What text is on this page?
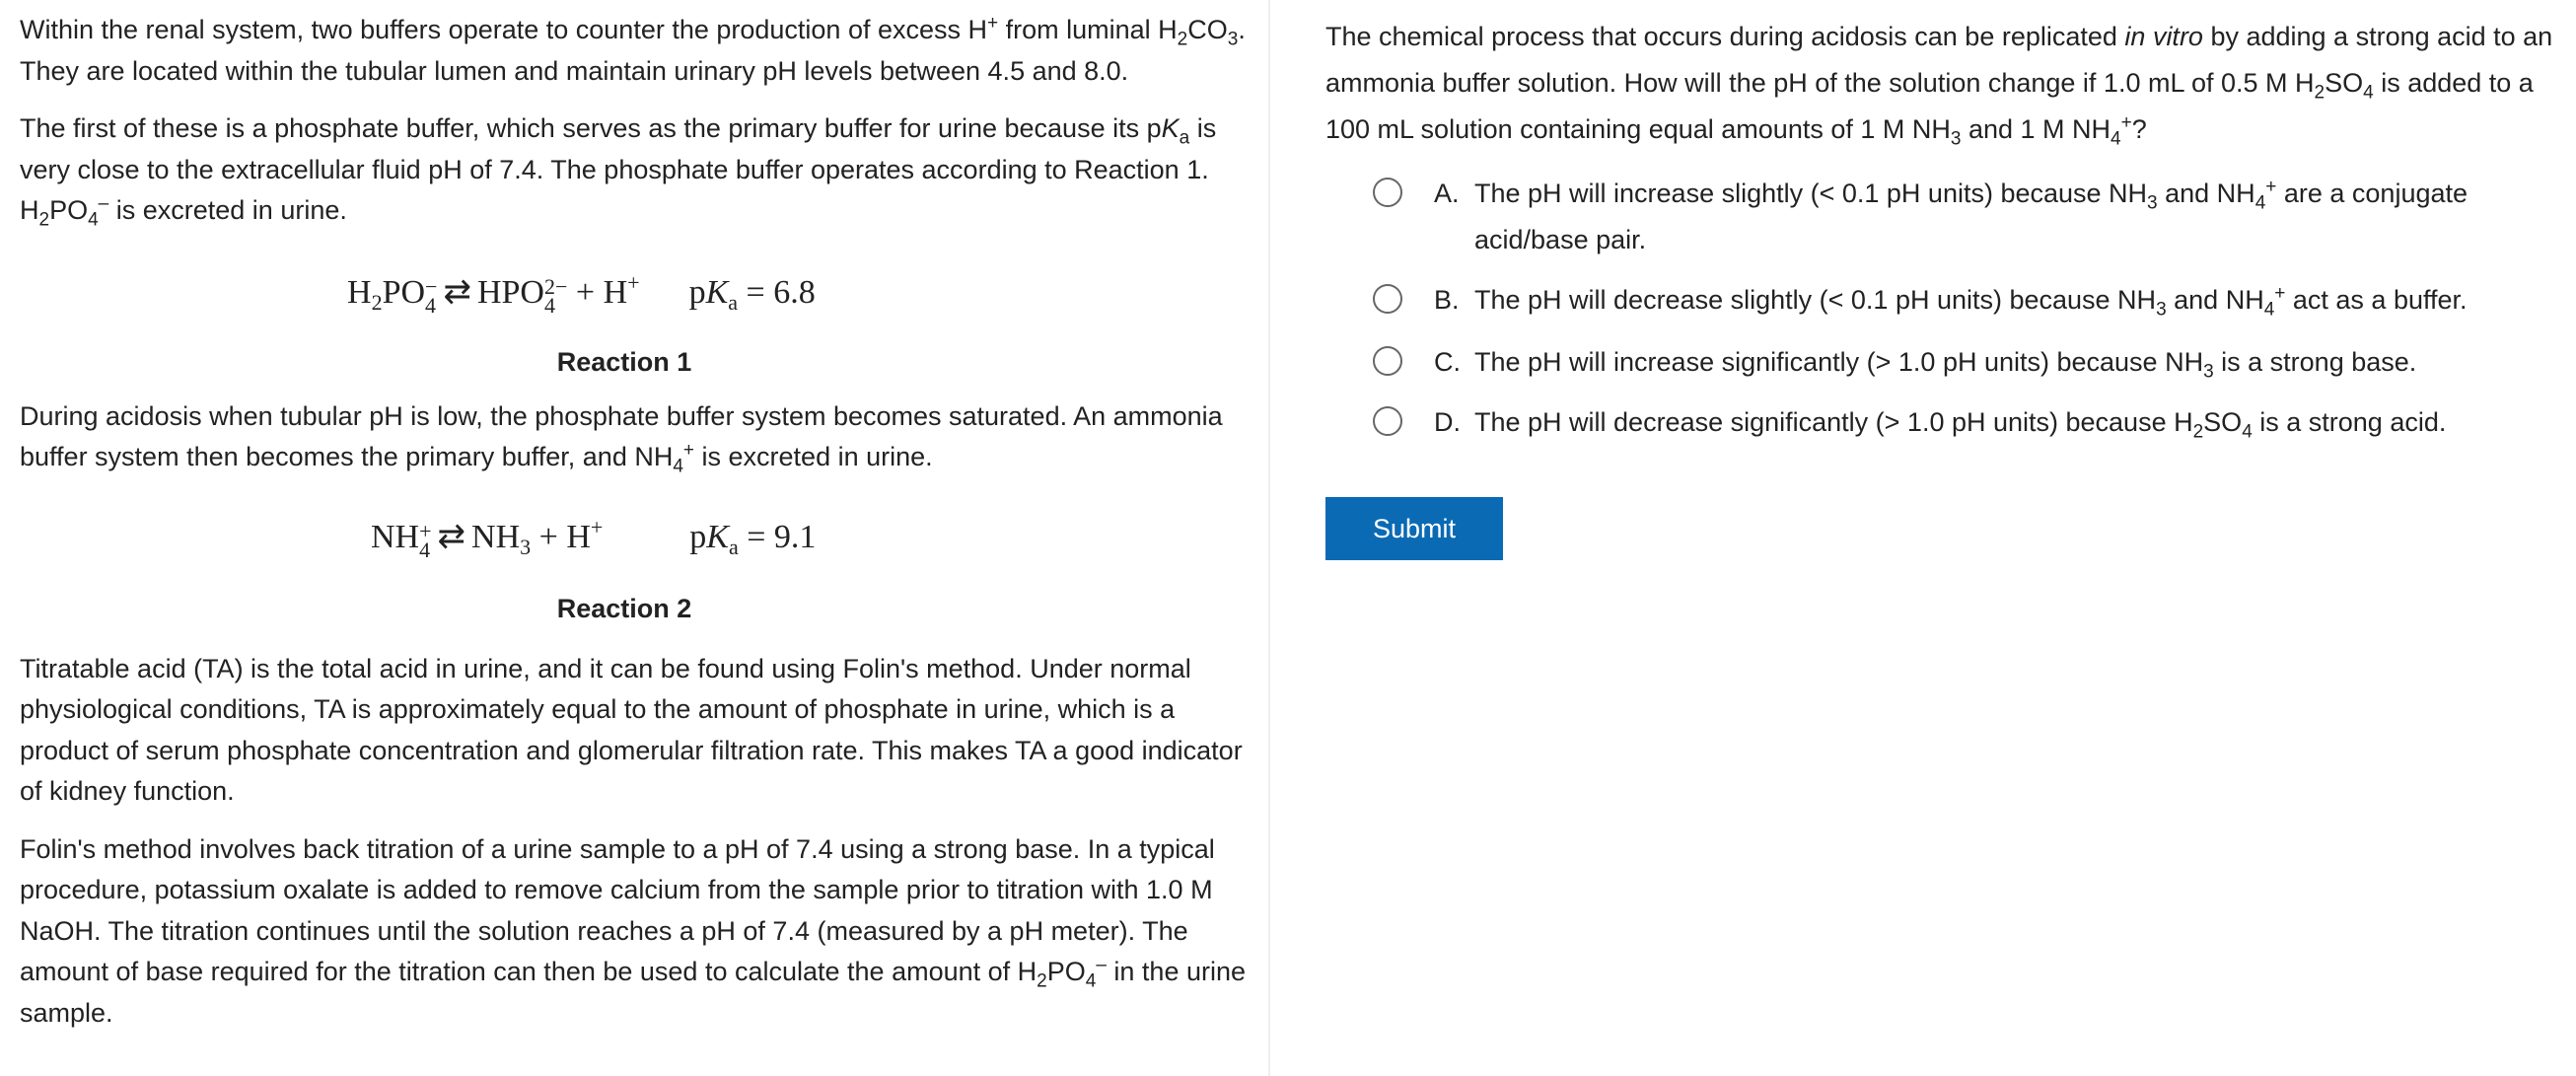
Within the renal system, two buffers operate to counter the production of excess H+ from luminal $H_2CO_3$. They are located within the tubular lumen and maintain urinary pH levels between 4.5 and 8.0.

The first of these is a phosphate buffer, which serves as the primary buffer for urine because its $pK_a$ is very close to the extracellular fluid pH of 7.4. The phosphate buffer operates according to Reaction 1. $H_2PO_4^-$ is excreted in urine.

$H_2PO$ −
4 ⇄ HPO 2−
4 + H+ $pK_a = 6.8$
Reaction 1

During acidosis when tubular pH is low, the phosphate buffer system becomes saturated. An ammonia buffer system then becomes the primary buffer, and $NH_4^+$ is excreted in urine.

NH +
4 ⇄ $NH_3 + H^+$	$pK_a = 9.1$
Reaction 2

Titratable acid (TA) is the total acid in urine, and it can be found using Folin's method. Under normal physiological conditions, TA is approximately equal to the amount of phosphate in urine, which is a product of serum phosphate concentration and glomerular filtration rate. This makes TA a good indicator of kidney function.

Folin's method involves back titration of a urine sample to a pH of 7.4 using a strong base. In a typical procedure, potassium oxalate is added to remove calcium from the sample prior to titration with 1.0 M NaOH. The titration continues until the solution reaches a pH of 7.4 (measured by a pH meter). The amount of base required for the titration can then be used to calculate the amount of $H_2PO_4^-$ in the urine sample.

The chemical process that occurs during acidosis can be replicated in vitro by adding a strong acid to an ammonia buffer solution. How will the pH of the solution change if 1.0 mL of 0.5 M $H_2SO_4$ is added to a 100 mL solution containing equal amounts of 1 M $NH_3$ and 1 M $NH_4^+$?

A. The pH will increase slightly (< 0.1 pH units) because $NH_3$ and $NH_4^+$ are a conjugate acid/base pair.
B. The pH will decrease slightly (< 0.1 pH units) because $NH_3$ and $NH_4^+$ act as a buffer.
C. The pH will increase significantly (> 1.0 pH units) because $NH_3$ is a strong base.
D. The pH will decrease significantly (> 1.0 pH units) because $H_2SO_4$ is a strong acid.
Submit
